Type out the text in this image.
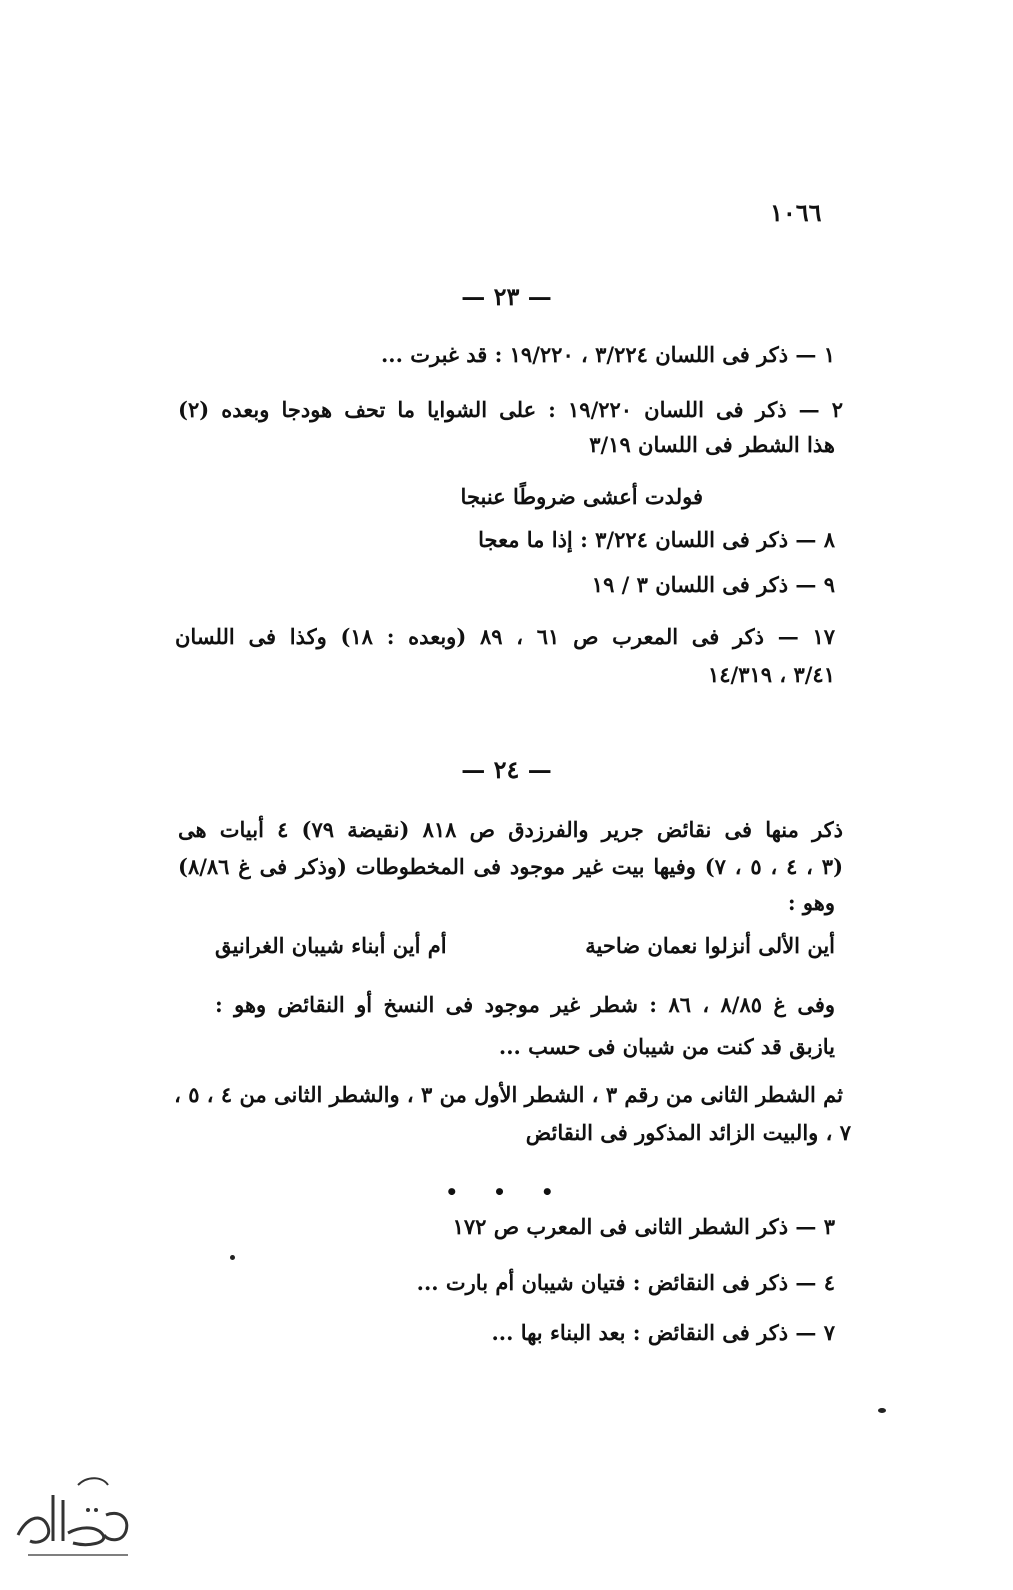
١٠٦٦
— ٢٣ —
١ — ذكر فى اللسان ٣/٢٢٤ ، ١٩/٢٢٠ : قد غبرت ...
٢ — ذكر فى اللسان ١٩/٢٢٠ : على الشوايا ما تحف هودجا وبعده (٢)
هذا الشطر فى اللسان ٣/١٩
فولدت أعشى ضروطًا عنبجا
٨ — ذكر فى اللسان ٣/٢٢٤ : إذا ما معجا
٩ — ذكر فى اللسان ٣ / ١٩
١٧ — ذكر فى المعرب ص ٦١ ، ٨٩ (وبعده : ١٨) وكذا فى اللسان
٣/٤١ ، ١٤/٣١٩
— ٢٤ —
ذكر منها فى نقائض جرير والفرزدق ص ٨١٨ (نقيضة ٧٩) ٤ أبيات هى
(٣ ، ٤ ، ٥ ، ٧) وفيها بيت غير موجود فى المخطوطات (وذكر فى غ ٨/٨٦)
وهو :
أين الألى أنزلوا نعمان ضاحية
أم أين أبناء شيبان الغرانيق
وفى غ ٨/٨٥ ، ٨٦ : شطر غير موجود فى النسخ أو النقائض وهو :
يازبق قد كنت من شيبان فى حسب ...
ثم الشطر الثانى من رقم ٣ ، الشطر الأول من ٣ ، والشطر الثانى من ٤ ، ٥ ،
٧ ، والبيت الزائد المذكور فى النقائض
• • •
٣ — ذكر الشطر الثانى فى المعرب ص ١٧٢
٤ — ذكر فى النقائض : فتيان شيبان أم بارت ...
٧ — ذكر فى النقائض : بعد البناء بها ...
